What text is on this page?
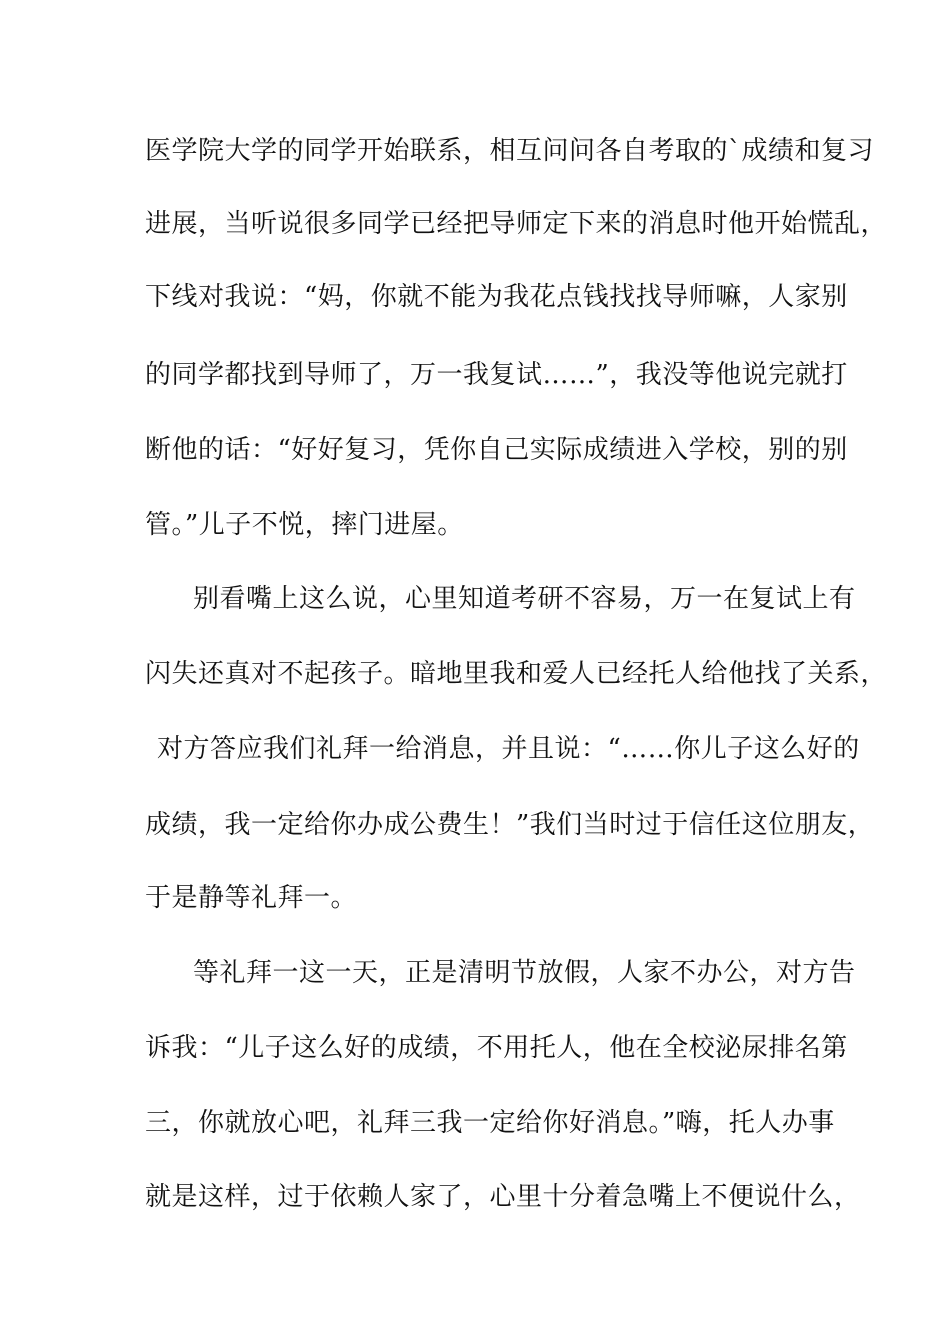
医学院大学的同学开始联系，相互问问各自考取的`成绩和复习
进展，当听说很多同学已经把导师定下来的消息时他开始慌乱，
下线对我说：“妈，你就不能为我花点钱找找导师嘛，人家别
的同学都找到导师了，万一我复试……”，我没等他说完就打
断他的话：“好好复习，凭你自己实际成绩进入学校，别的别
管。”儿子不悦，摔门进屋。
别看嘴上这么说，心里知道考研不容易，万一在复试上有
闪失还真对不起孩子。暗地里我和爱人已经托人给他找了关系，
对方答应我们礼拜一给消息，并且说：“……你儿子这么好的
成绩，我一定给你办成公费生！”我们当时过于信任这位朋友，
于是静等礼拜一。
等礼拜一这一天，正是清明节放假，人家不办公，对方告
诉我：“儿子这么好的成绩，不用托人，他在全校泌尿排名第
三，你就放心吧，礼拜三我一定给你好消息。”嗨，托人办事
就是这样，过于依赖人家了，心里十分着急嘴上不便说什么，
